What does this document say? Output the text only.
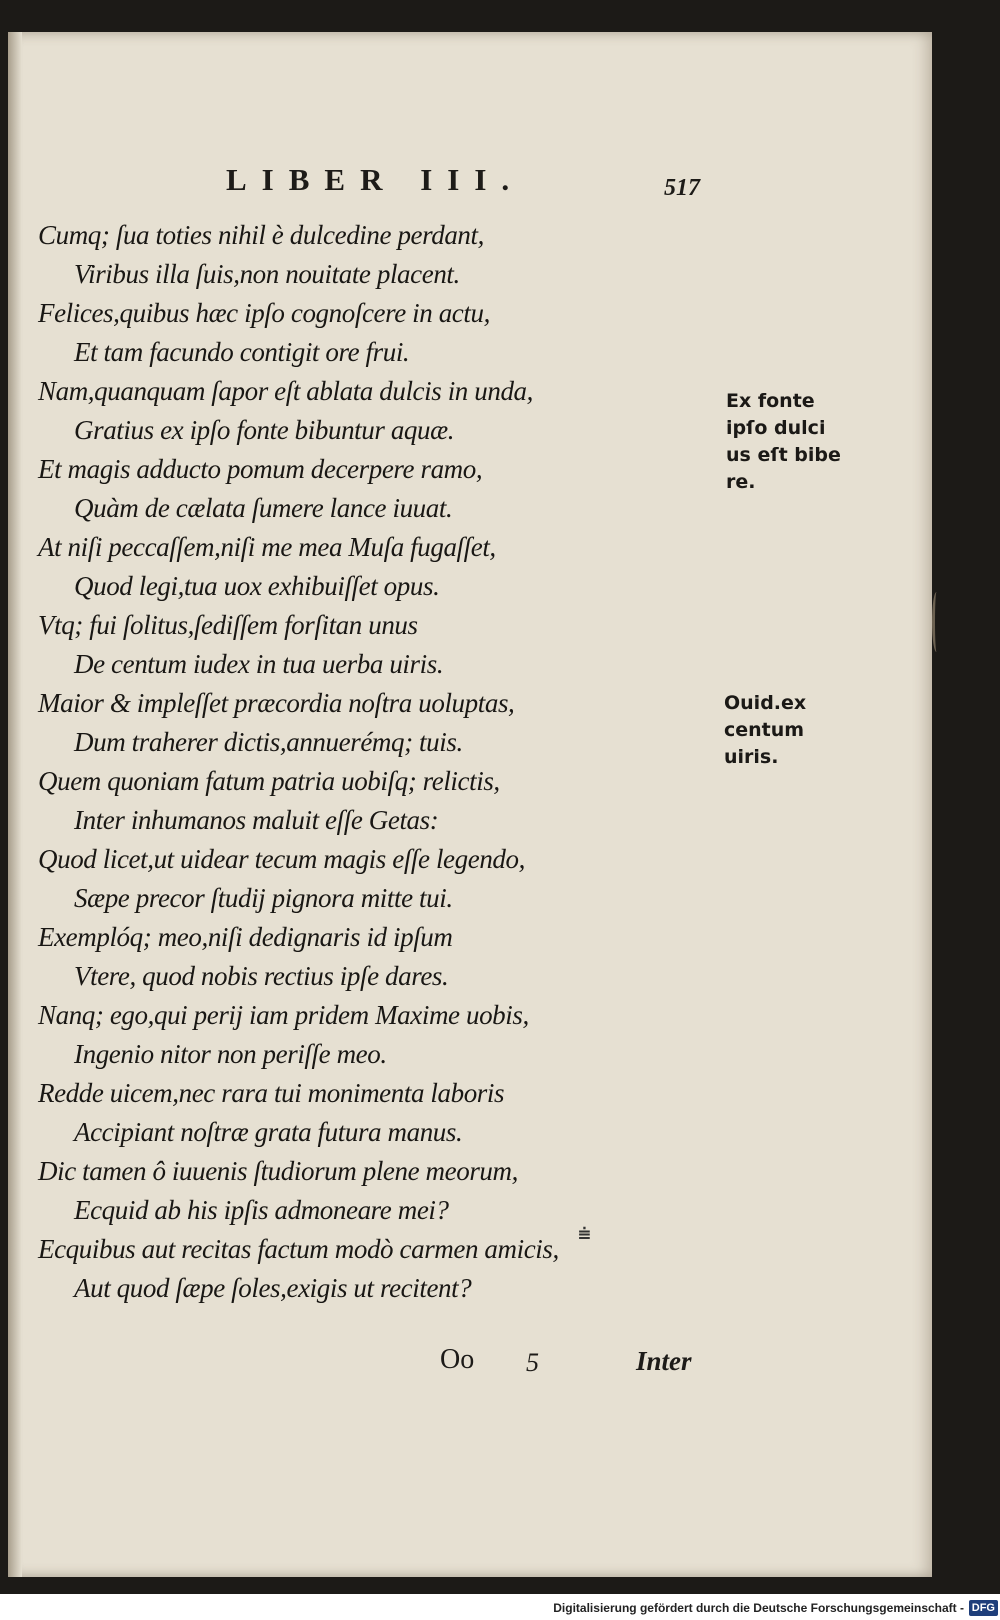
LIBER III.	517
Cumq; ſua toties nihil è dulcedine perdant,
Viribus illa ſuis,non nouitate placent.
Felices,quibus hæc ipſo cognoſcere in actu,
Et tam facundo contigit ore frui.
Nam,quanquam ſapor eſt ablata dulcis in unda,
Gratius ex ipſo fonte bibuntur aquæ.
Et magis adducto pomum decerpere ramo,
Quàm de cælata ſumere lance iuuat.
At niſi peccaſſem,niſi me mea Muſa fugaſſet,
Quod legi,tua uox exhibuiſſet opus.
Vtq; fui ſolitus,ſediſſem forſitan unus
De centum iudex in tua uerba uiris.
Maior & impleſſet præcordia noſtra uoluptas,
Dum traherer dictis,annuerémq; tuis.
Quem quoniam fatum patria uobiſq; relictis,
Inter inhumanos maluit eſſe Getas:
Quod licet,ut uidear tecum magis eſſe legendo,
Sæpe precor ſtudij pignora mitte tui.
Exemplóq; meo,niſi dedignaris id ipſum
Vtere, quod nobis rectius ipſe dares.
Nanq; ego,qui perij iam pridem Maxime uobis,
Ingenio nitor non periſſe meo.
Redde uicem,nec rara tui monimenta laboris
Accipiant noſtræ grata futura manus.
Dic tamen ô iuuenis ſtudiorum plene meorum,
Ecquid ab his ipſis admoneare mei?
Ecquibus aut recitas factum modò carmen amicis,
Aut quod ſæpe ſoles,exigis ut recitent?
Ex fonte
ipſo dulci
us eſt bibe
re.
Ouid.ex
centum
uiris.
⩧
Oo 5	Inter
Digitalisierung gefördert durch die Deutsche Forschungsgemeinschaft - DFG
